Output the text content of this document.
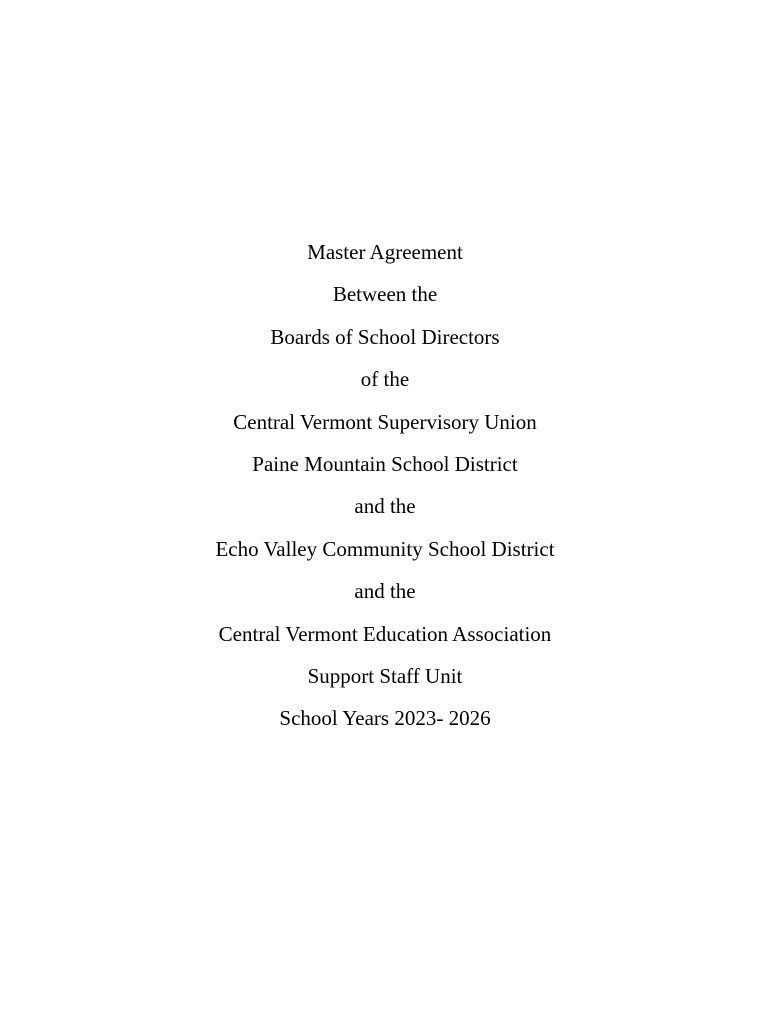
Master Agreement
Between the
Boards of School Directors
of the
Central Vermont Supervisory Union
Paine Mountain School District
and the
Echo Valley Community School District
and the
Central Vermont Education Association
Support Staff Unit
School Years 2023- 2026
